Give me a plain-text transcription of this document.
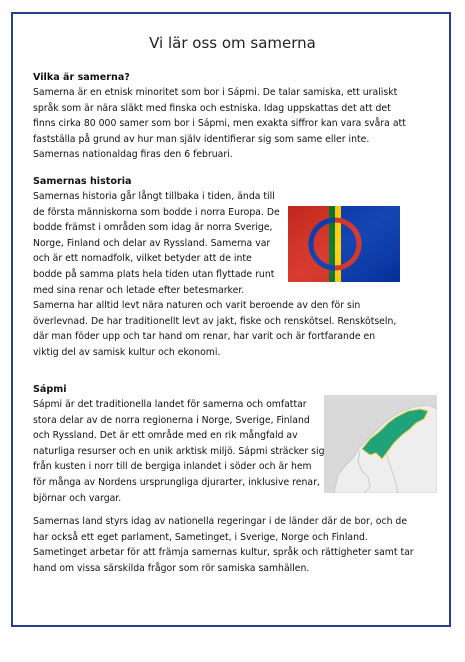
Vi lär oss om samerna

Vilka är samerna?

Samerna är en etnisk minoritet som bor i Sápmi. De talar samiska, ett uraliskt
språk som är nära släkt med finska och estniska. Idag uppskattas det att det
finns cirka 80 000 samer som bor i Sápmi, men exakta siffror kan vara svåra att
fastställa på grund av hur man själv identifierar sig som same eller inte.
Samernas nationaldag firas den 6 februari.

Samernas historia

Samernas historia går långt tillbaka i tiden, ända till
de första människorna som bodde i norra Europa. De
bodde främst i områden som idag är norra Sverige,
Norge, Finland och delar av Ryssland. Samerna var
och är ett nomadfolk, vilket betyder att de inte
bodde på samma plats hela tiden utan flyttade runt
med sina renar och letade efter betesmarker.
Samerna har alltid levt nära naturen och varit beroende av den för sin
överlevnad. De har traditionellt levt av jakt, fiske och renskötsel. Renskötseln,
där man föder upp och tar hand om renar, har varit och är fortfarande en
viktig del av samisk kultur och ekonomi.

Sápmi

Sápmi är det traditionella landet för samerna och omfattar
stora delar av de norra regionerna i Norge, Sverige, Finland
och Ryssland. Det är ett område med en rik mångfald av
naturliga resurser och en unik arktisk miljö. Sápmi sträcker sig
från kusten i norr till de bergiga inlandet i söder och är hem
för många av Nordens ursprungliga djurarter, inklusive renar,
björnar och vargar.

Samernas land styrs idag av nationella regeringar i de länder där de bor, och de
har också ett eget parlament, Sametinget, i Sverige, Norge och Finland.
Sametinget arbetar för att främja samernas kultur, språk och rättigheter samt tar
hand om vissa särskilda frågor som rör samiska samhällen.
